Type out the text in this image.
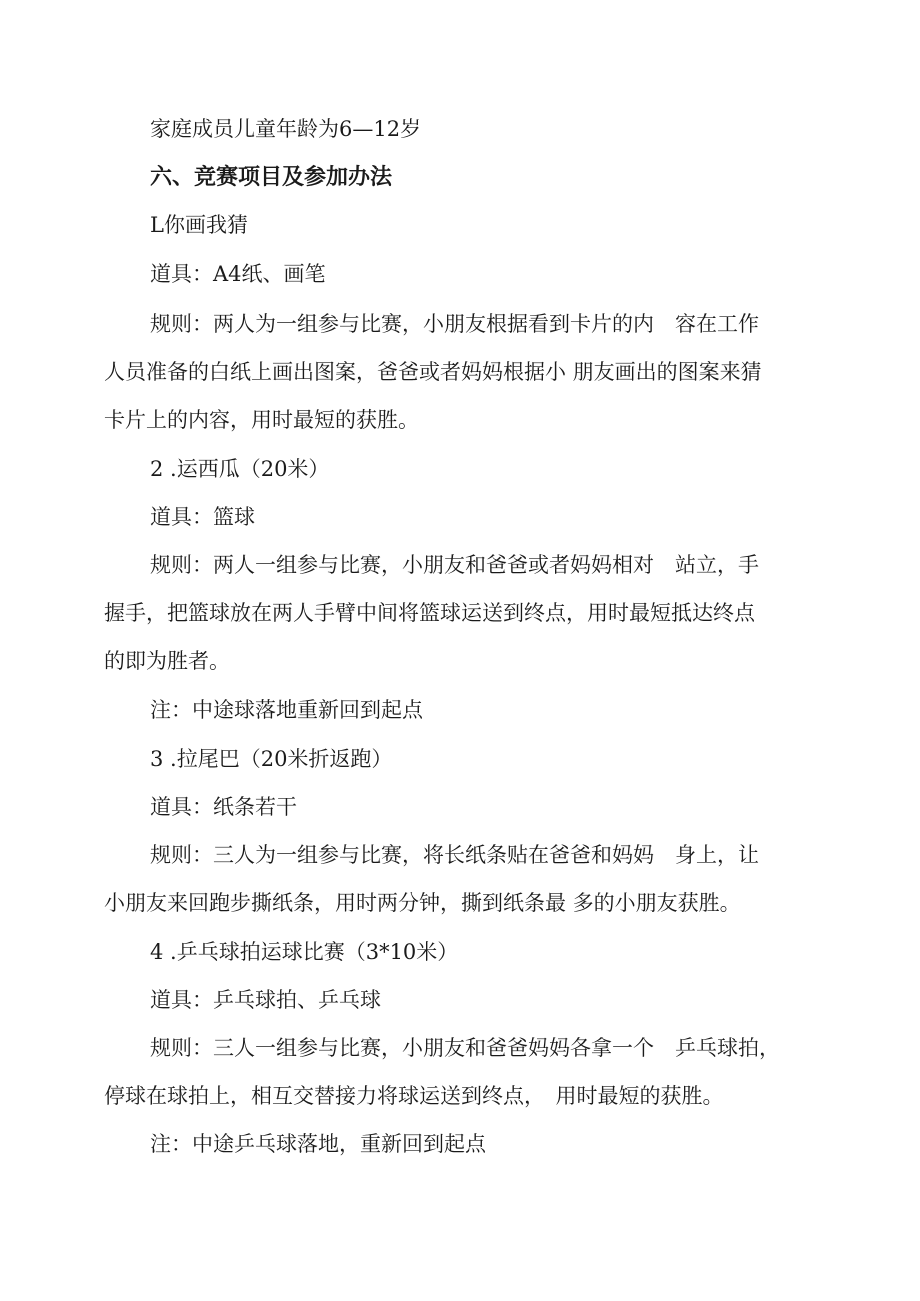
家庭成员儿童年龄为6—12岁
六、竞赛项目及参加办法
L你画我猜
道具：A4纸、画笔
规则：两人为一组参与比赛，小朋友根据看到卡片的内　容在工作
人员准备的白纸上画出图案，爸爸或者妈妈根据小 朋友画出的图案来猜
卡片上的内容，用时最短的获胜。
2 .运西瓜（20米）
道具：篮球
规则：两人一组参与比赛，小朋友和爸爸或者妈妈相对　站立，手
握手，把篮球放在两人手臂中间将篮球运送到终点，用时最短抵达终点
的即为胜者。
注：中途球落地重新回到起点
3 .拉尾巴（20米折返跑）
道具：纸条若干
规则：三人为一组参与比赛，将长纸条贴在爸爸和妈妈　身上，让
小朋友来回跑步撕纸条，用时两分钟，撕到纸条最 多的小朋友获胜。
4 .乒乓球拍运球比赛（3*10米）
道具：乒乓球拍、乒乓球
规则：三人一组参与比赛，小朋友和爸爸妈妈各拿一个　乒乓球拍，
停球在球拍上，相互交替接力将球运送到终点，　用时最短的获胜。
注：中途乒乓球落地，重新回到起点
